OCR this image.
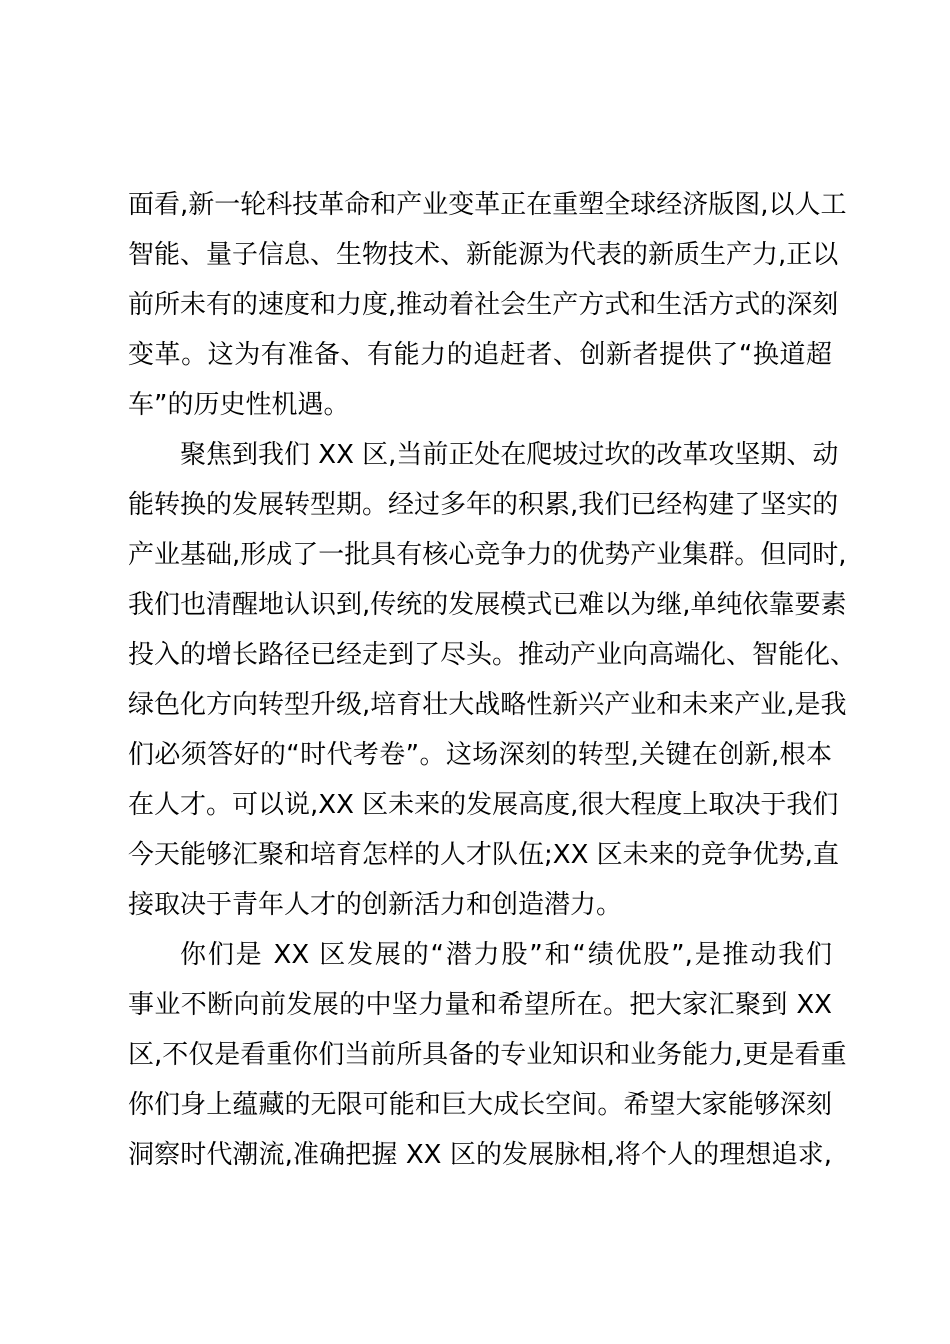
面看,新一轮科技革命和产业变革正在重塑全球经济版图,以人工
智能、量子信息、生物技术、新能源为代表的新质生产力,正以
前所未有的速度和力度,推动着社会生产方式和生活方式的深刻
变革。这为有准备、有能力的追赶者、创新者提供了“换道超
车”的历史性机遇。
聚焦到我们 XX 区,当前正处在爬坡过坎的改革攻坚期、动
能转换的发展转型期。经过多年的积累,我们已经构建了坚实的
产业基础,形成了一批具有核心竞争力的优势产业集群。但同时,
我们也清醒地认识到,传统的发展模式已难以为继,单纯依靠要素
投入的增长路径已经走到了尽头。推动产业向高端化、智能化、
绿色化方向转型升级,培育壮大战略性新兴产业和未来产业,是我
们必须答好的“时代考卷”。这场深刻的转型,关键在创新,根本
在人才。可以说,XX 区未来的发展高度,很大程度上取决于我们
今天能够汇聚和培育怎样的人才队伍;XX 区未来的竞争优势,直
接取决于青年人才的创新活力和创造潜力。
你们是 XX 区发展的“潜力股”和“绩优股”,是推动我们
事业不断向前发展的中坚力量和希望所在。把大家汇聚到 XX
区,不仅是看重你们当前所具备的专业知识和业务能力,更是看重
你们身上蕴藏的无限可能和巨大成长空间。希望大家能够深刻
洞察时代潮流,准确把握 XX 区的发展脉相,将个人的理想追求,
